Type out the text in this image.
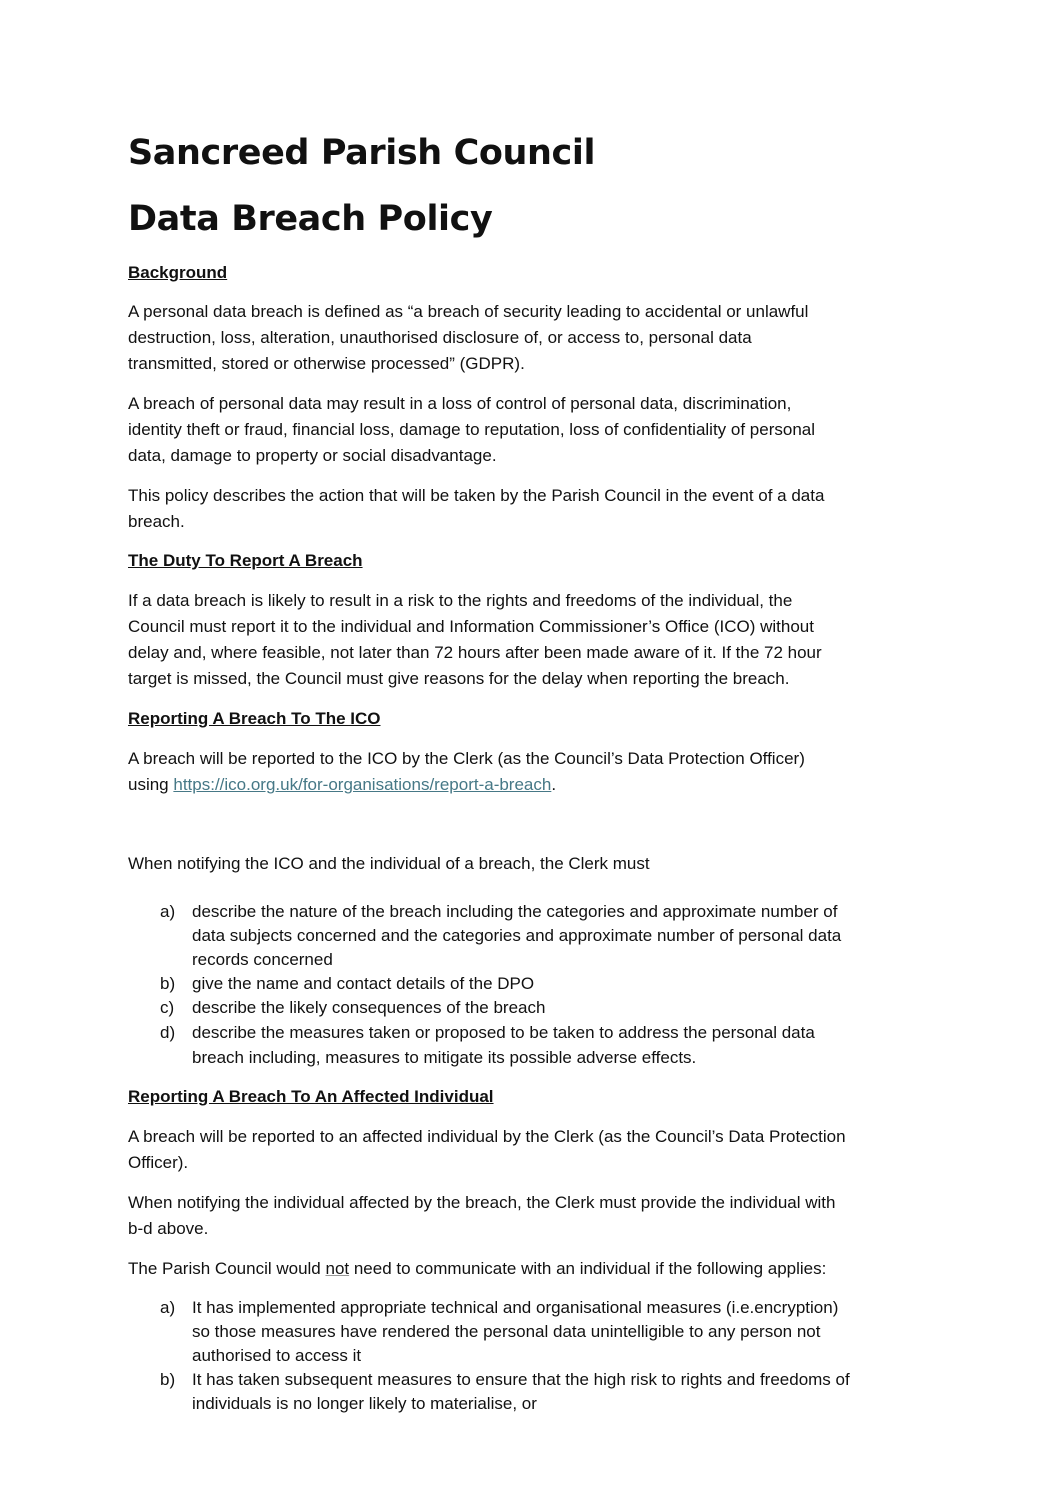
Sancreed Parish Council
Data Breach Policy
Background

A personal data breach is defined as “a breach of security leading to accidental or unlawful
destruction, loss, alteration, unauthorised disclosure of, or access to, personal data
transmitted, stored or otherwise processed” (GDPR).

A breach of personal data may result in a loss of control of personal data, discrimination,
identity theft or fraud, financial loss, damage to reputation, loss of confidentiality of personal
data, damage to property or social disadvantage.

This policy describes the action that will be taken by the Parish Council in the event of a data
breach.

The Duty To Report A Breach

If a data breach is likely to result in a risk to the rights and freedoms of the individual, the
Council must report it to the individual and Information Commissioner’s Office (ICO) without
delay and, where feasible, not later than 72 hours after been made aware of it. If the 72 hour
target is missed, the Council must give reasons for the delay when reporting the breach.

Reporting A Breach To The ICO

A breach will be reported to the ICO by the Clerk (as the Council’s Data Protection Officer)
using https://ico.org.uk/for-organisations/report-a-breach.

When notifying the ICO and the individual of a breach, the Clerk must

a) describe the nature of the breach including the categories and approximate number of
data subjects concerned and the categories and approximate number of personal data
records concerned
b) give the name and contact details of the DPO
c) describe the likely consequences of the breach
d) describe the measures taken or proposed to be taken to address the personal data
breach including, measures to mitigate its possible adverse effects.
Reporting A Breach To An Affected Individual

A breach will be reported to an affected individual by the Clerk (as the Council’s Data Protection
Officer).

When notifying the individual affected by the breach, the Clerk must provide the individual with
b-d above.

The Parish Council would not need to communicate with an individual if the following applies:

a) It has implemented appropriate technical and organisational measures (i.e.encryption)
so those measures have rendered the personal data unintelligible to any person not
authorised to access it
b) It has taken subsequent measures to ensure that the high risk to rights and freedoms of
individuals is no longer likely to materialise, or
